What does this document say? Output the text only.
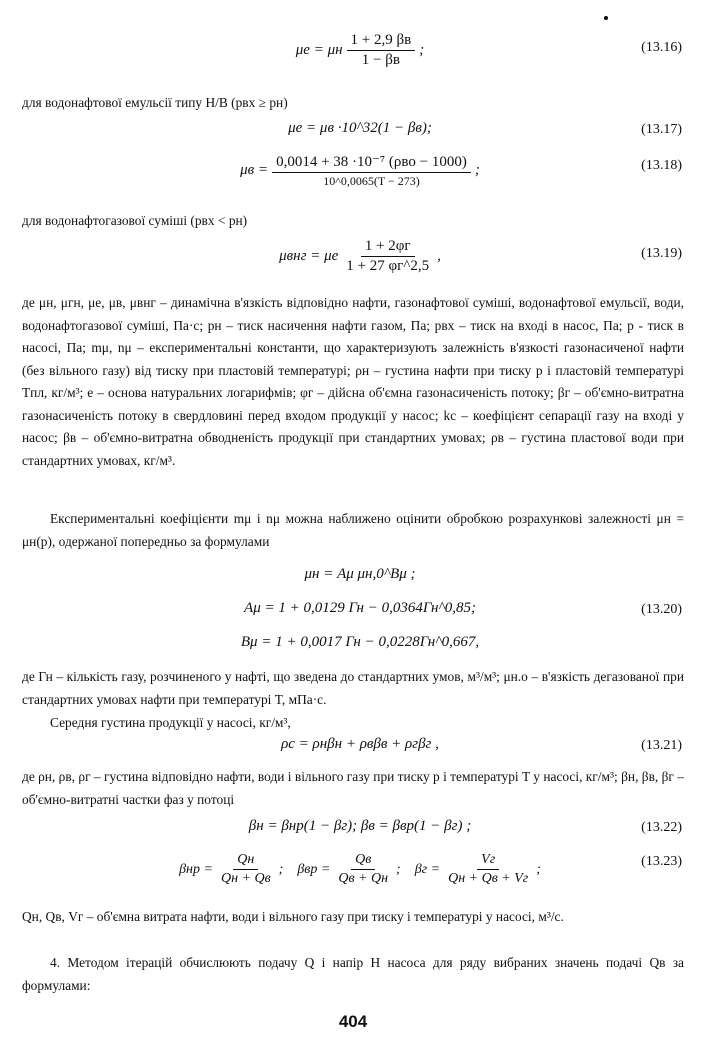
μе = μн $\frac{1 + 2,9 \beta в}{1 - \beta в}$ ;	(13.16)

для водонафтової емульсії типу Н/В (pвх ≥ pн)

μе = μв ·10^32(1 − βв);	(13.17)
$\mu в = \frac{\text{0,0014 + 38 ·10⁻⁷ (ρво − 1000)}}{10\^{}0,0065(T - 273)}$ ;	(13.18)

для водонафтогазової суміші (pвх < pн)

μвнг = μе $\frac{1 + 2\varphi г}{1 + 27 \varphi г\^{}2,5}$ ,	(13.19)

де μн, μгн, μе, μв, μвнг – динамічна в'язкість відповідно нафти, газонафтової суміші, водонафтової емульсії, води, водонафтогазової суміші, Па·с; pн – тиск насичення нафти газом, Па; pвх – тиск на вході в насос, Па; p - тиск в насосі, Па; mμ, nμ – експериментальні константи, що характеризують залежність в'язкості газонасиченої нафти (без вільного газу) від тиску при пластовій температурі; ρн – густина нафти при тиску p і пластовій температурі Tпл, кг/м³; e – основа натуральних логарифмів; φг – дійсна об'ємна газонасиченість потоку; βг – об'ємно-витратна газонасиченість потоку в свердловині перед входом продукції у насос; kс – коефіцієнт сепарації газу на вході у насос; βв – об'ємно-витратна обводненість продукції при стандартних умовах; ρв – густина пластової води при стандартних умовах, кг/м³.

Експериментальні коефіцієнти mμ і nμ можна наближено оцінити обробкою розрахункові залежності μн = μн(p), одержаної попередньо за формулами

μн = Aμ μн,0^Bμ ;
Aμ = 1 + 0,0129 Гн − 0,0364Гн^0,85;	(13.20)
Bμ = 1 + 0,0017 Гн − 0,0228Гн^0,667,

де Гн – кількість газу, розчиненого у нафті, що зведена до стандартних умов, м³/м³; μн.о – в'язкість дегазованої при стандартних умовах нафти при температурі T, мПа·с.

Середня густина продукції у насосі, кг/м³,

ρс = ρнβн + ρвβв + ρгβг ,	(13.21)

де ρн, ρв, ρг – густина відповідно нафти, води і вільного газу при тиску p і температурі T у насосі, кг/м³; βн, βв, βг – об'ємно-витратні частки фаз у потоці

βн = βнр(1 − βг); βв = βвр(1 − βг) ;	(13.22)
$\beta нр = \frac{Qн}{Qн + Qв}$ ; $\beta вр = \frac{Qв}{Qв + Qн}$ ; $\beta г = \frac{Vг}{Qн + Qв + Vг}$ ;	(13.23)

Qн, Qв, Vг – об'ємна витрата нафти, води і вільного газу при тиску і температурі у насосі, м³/с.

4. Методом ітерацій обчислюють подачу Q і напір H насоса для ряду вибраних значень подачі Qв за формулами:

404
